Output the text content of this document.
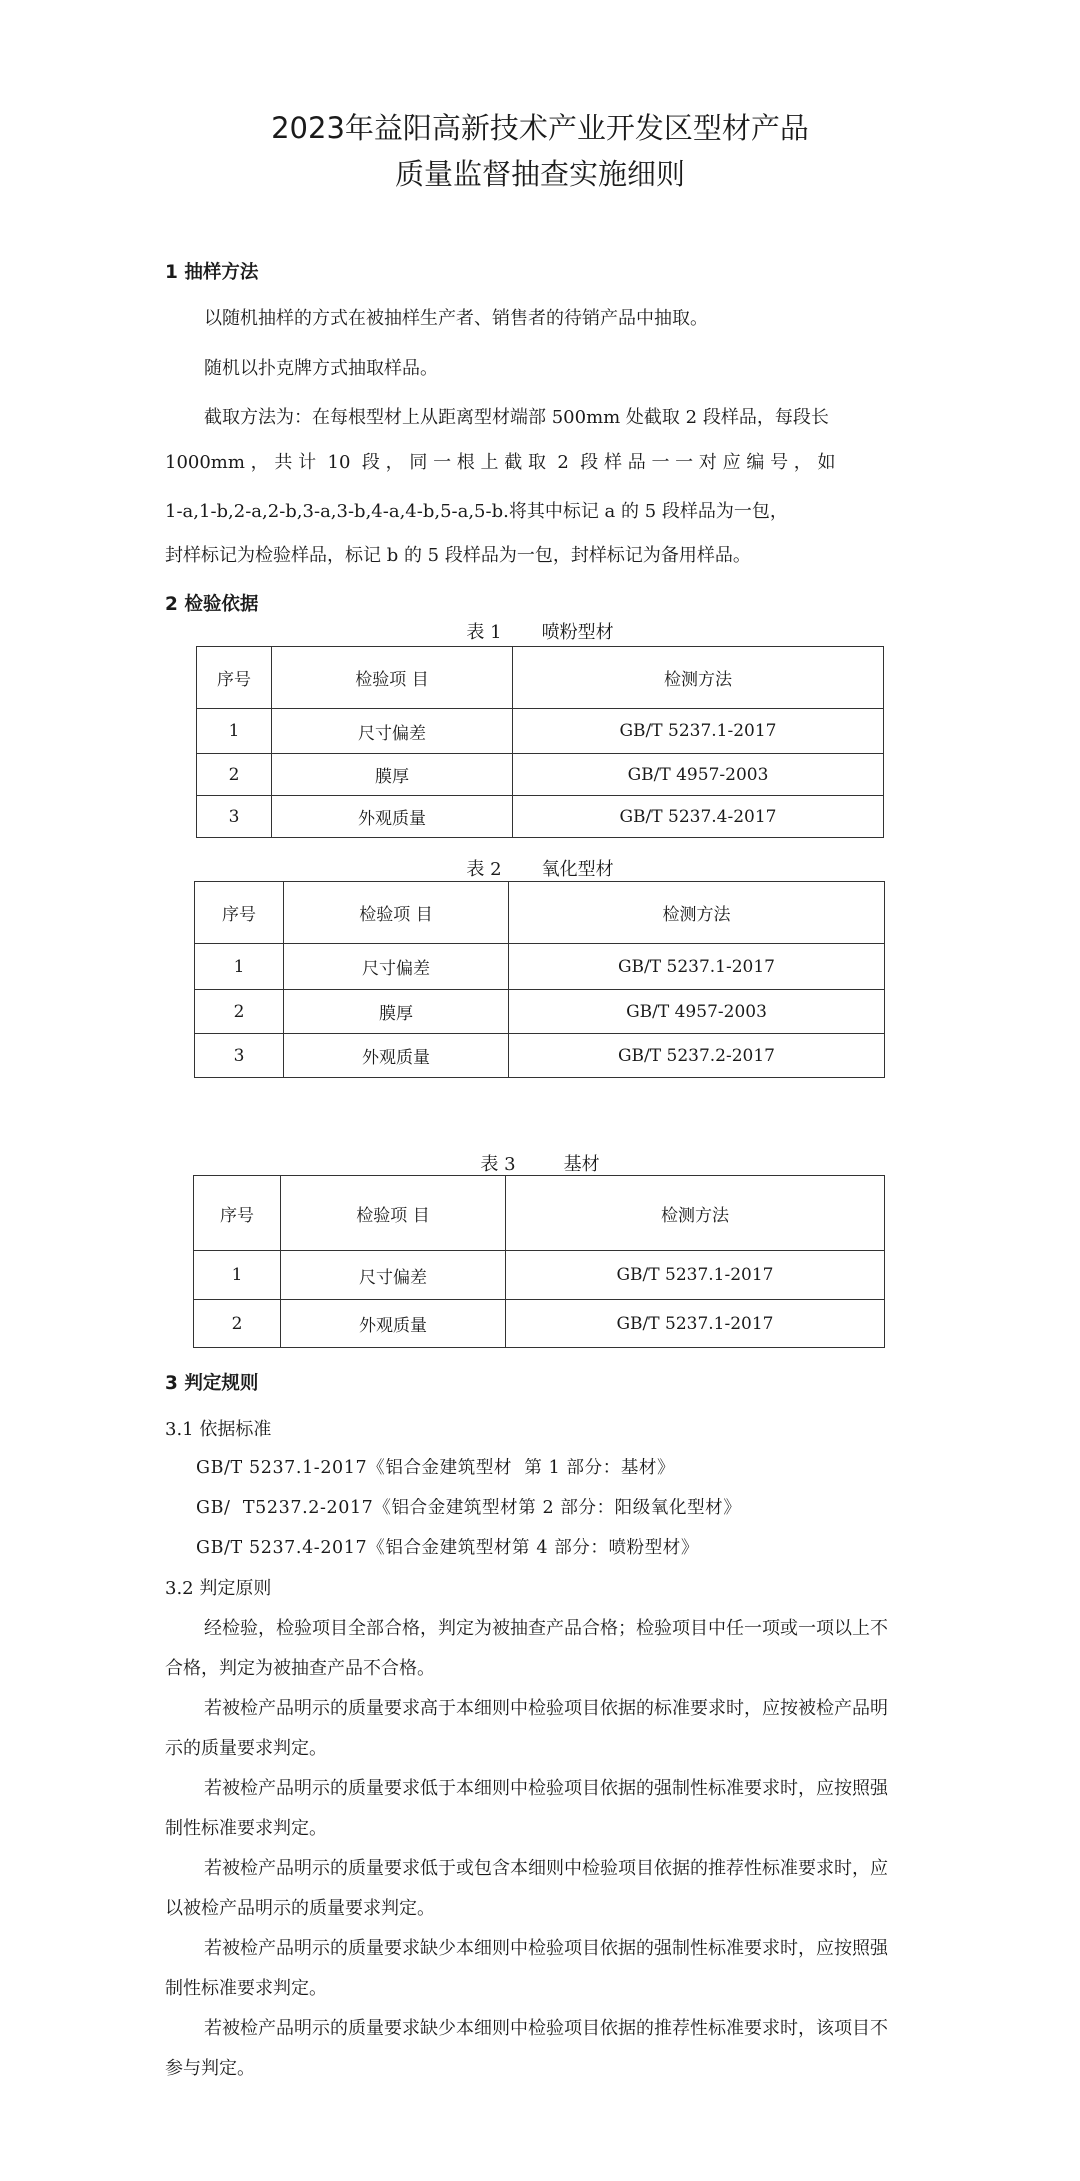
2023年益阳高新技术产业开发区型材产品
质量监督抽查实施细则
1 抽样方法
以随机抽样的方式在被抽样生产者、销售者的待销产品中抽取。
随机以扑克牌方式抽取样品。
截取方法为：在每根型材上从距离型材端部 500mm 处截取 2 段样品，每段长
1000mm ， 共 计  10  段 ， 同 一 根 上 截 取  2  段 样 品 一 一 对 应 编 号 ， 如
1-a,1-b,2-a,2-b,3-a,3-b,4-a,4-b,5-a,5-b.将其中标记 a 的 5 段样品为一包，
封样标记为检验样品，标记 b 的 5 段样品为一包，封样标记为备用样品。
2 检验依据
表 1 喷粉型材
序号	检验项 目	检测方法
1	尺寸偏差	GB/T 5237.1-2017
2	膜厚	GB/T 4957-2003
3	外观质量	GB/T 5237.4-2017
表 2 氧化型材
序号	检验项 目	检测方法
1	尺寸偏差	GB/T 5237.1-2017
2	膜厚	GB/T 4957-2003
3	外观质量	GB/T 5237.2-2017
表 3	基材
序号	检验项 目	检测方法
1	尺寸偏差	GB/T 5237.1-2017
2	外观质量	GB/T 5237.1-2017
3 判定规则
3.1 依据标准
GB/T 5237.1-2017《铝合金建筑型材  第 1 部分：基材》
GB/  T5237.2-2017《铝合金建筑型材第 2 部分：阳级氧化型材》
GB/T 5237.4-2017《铝合金建筑型材第 4 部分：喷粉型材》
3.2 判定原则
经检验，检验项目全部合格，判定为被抽查产品合格；检验项目中任一项或一项以上不
合格，判定为被抽查产品不合格。
若被检产品明示的质量要求高于本细则中检验项目依据的标准要求时，应按被检产品明
示的质量要求判定。
若被检产品明示的质量要求低于本细则中检验项目依据的强制性标准要求时，应按照强
制性标准要求判定。
若被检产品明示的质量要求低于或包含本细则中检验项目依据的推荐性标准要求时，应
以被检产品明示的质量要求判定。
若被检产品明示的质量要求缺少本细则中检验项目依据的强制性标准要求时，应按照强
制性标准要求判定。
若被检产品明示的质量要求缺少本细则中检验项目依据的推荐性标准要求时，该项目不
参与判定。
